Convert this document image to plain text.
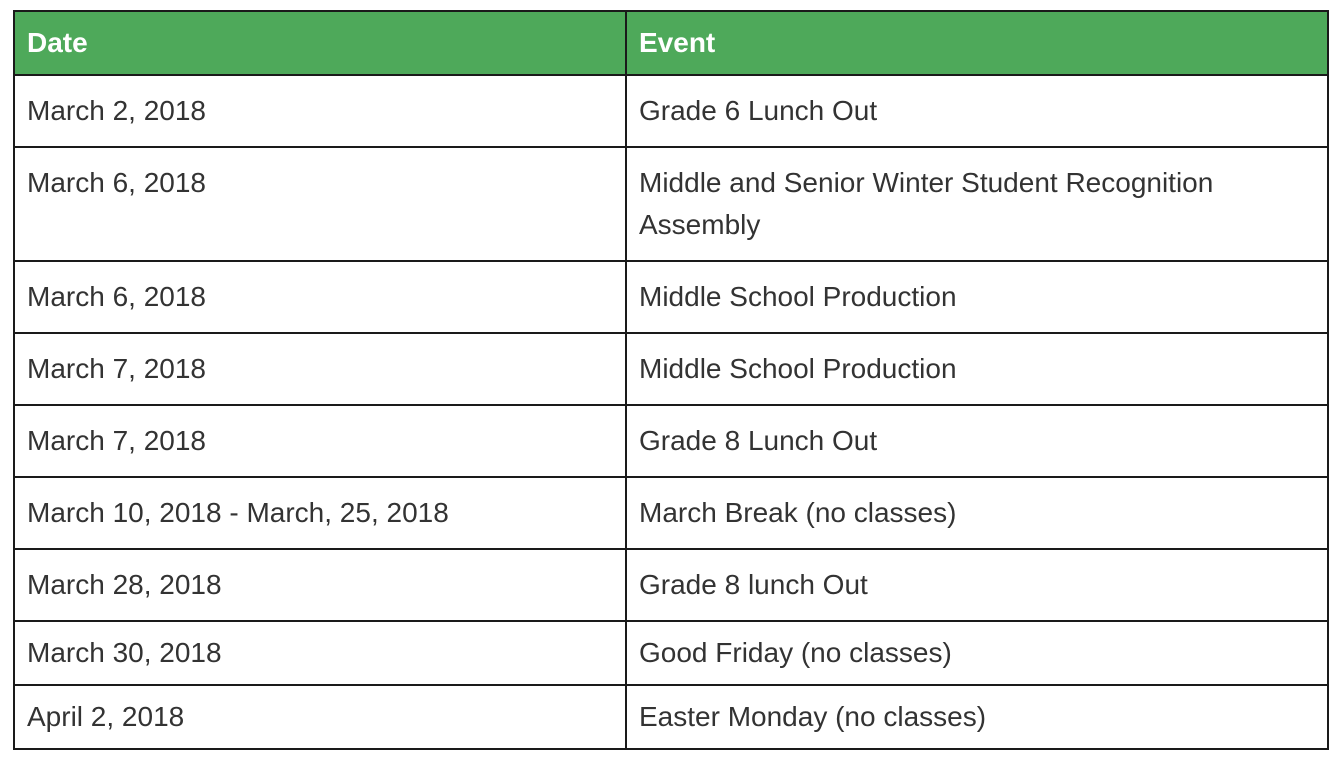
Date	Event
March 2, 2018	Grade 6 Lunch Out
March 6, 2018	Middle and Senior Winter Student Recognition Assembly
March 6, 2018	Middle School Production
March 7, 2018	Middle School Production
March 7, 2018	Grade 8 Lunch Out
March 10, 2018 - March, 25, 2018	March Break (no classes)
March 28, 2018	Grade 8 lunch Out
March 30, 2018	Good Friday (no classes)
April 2, 2018	Easter Monday (no classes)
